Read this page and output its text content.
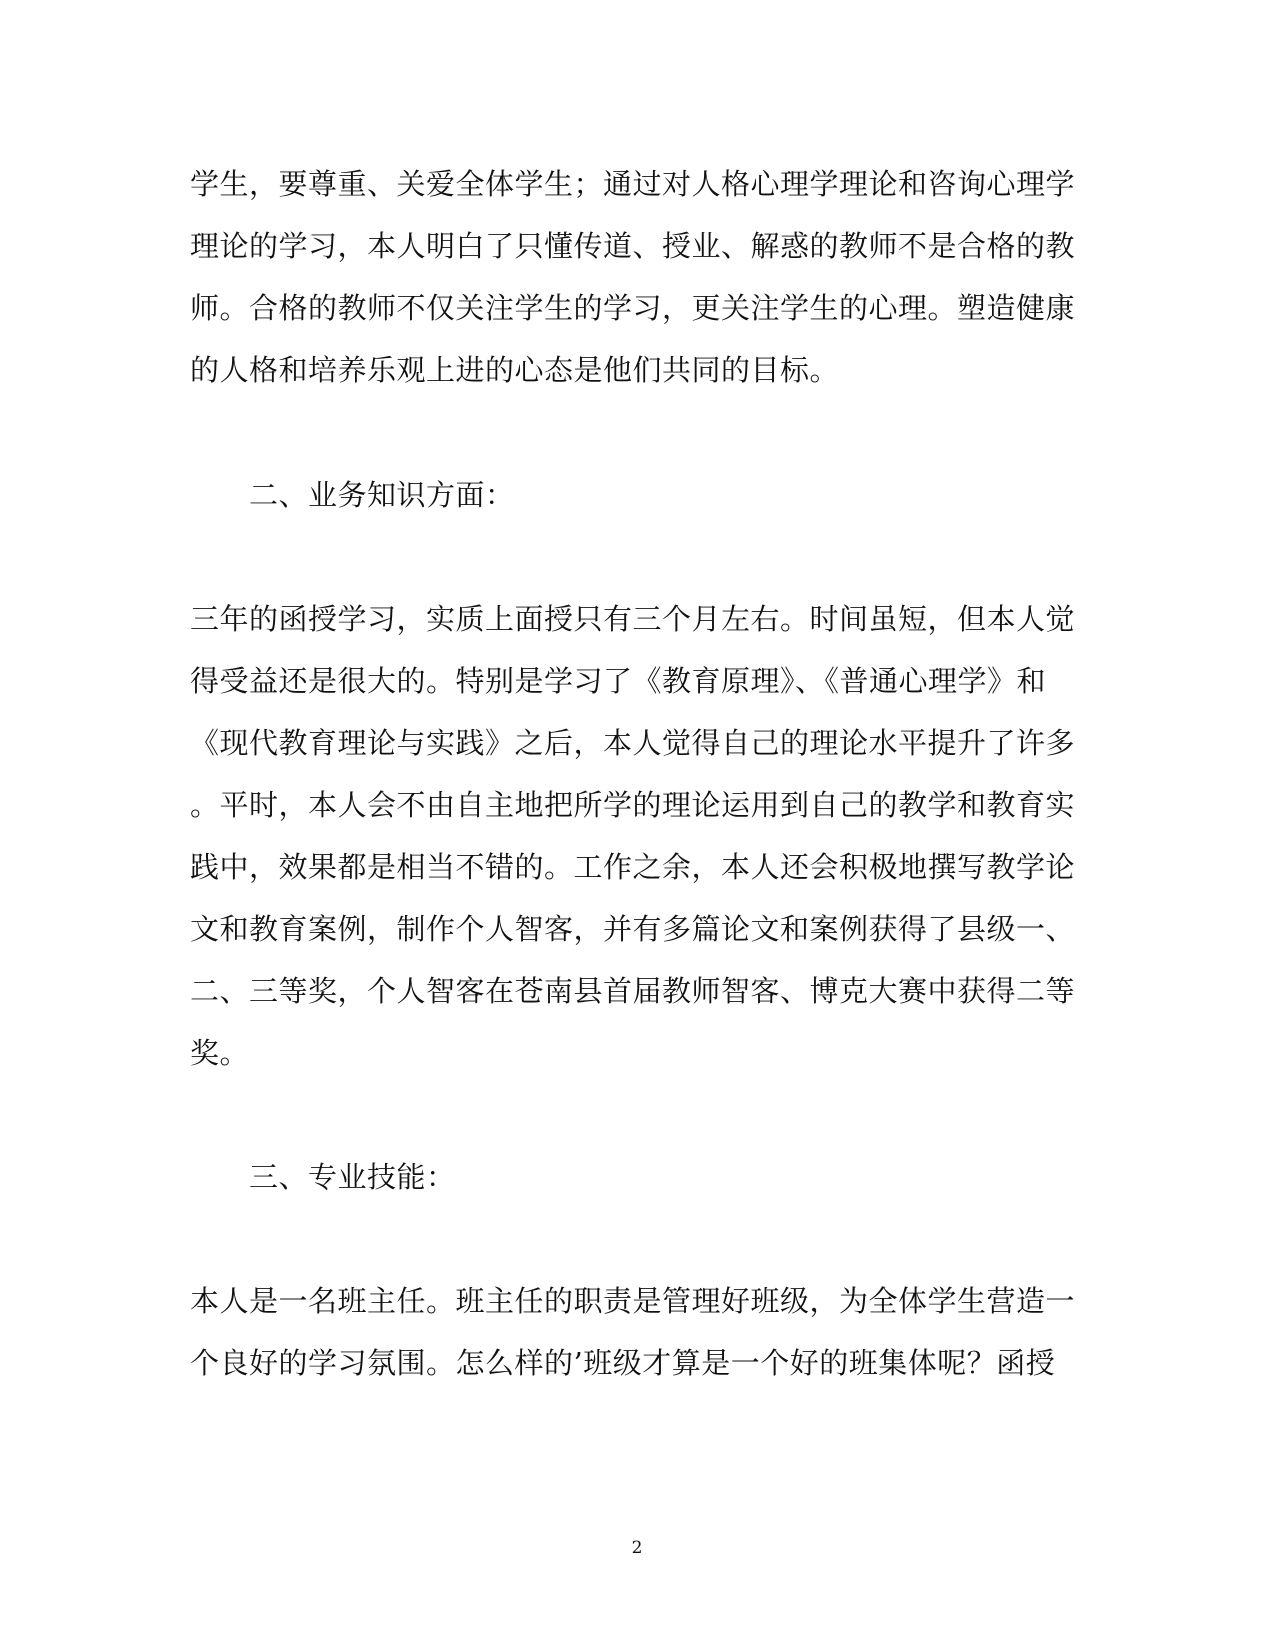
学生，要尊重、关爱全体学生；通过对人格心理学理论和咨询心理学
理论的学习，本人明白了只懂传道、授业、解惑的教师不是合格的教
师。合格的教师不仅关注学生的学习，更关注学生的心理。塑造健康
的人格和培养乐观上进的心态是他们共同的目标。
二、业务知识方面：
三年的函授学习，实质上面授只有三个月左右。时间虽短，但本人觉
得受益还是很大的。特别是学习了《教育原理》、《普通心理学》和
《现代教育理论与实践》之后，本人觉得自己的理论水平提升了许多
。平时，本人会不由自主地把所学的理论运用到自己的教学和教育实
践中，效果都是相当不错的。工作之余，本人还会积极地撰写教学论
文和教育案例，制作个人智客，并有多篇论文和案例获得了县级一、
二、三等奖，个人智客在苍南县首届教师智客、博克大赛中获得二等
奖。
三、专业技能：
本人是一名班主任。班主任的职责是管理好班级，为全体学生营造一
个良好的学习氛围。怎么样的’班级才算是一个好的班集体呢？函授
2
